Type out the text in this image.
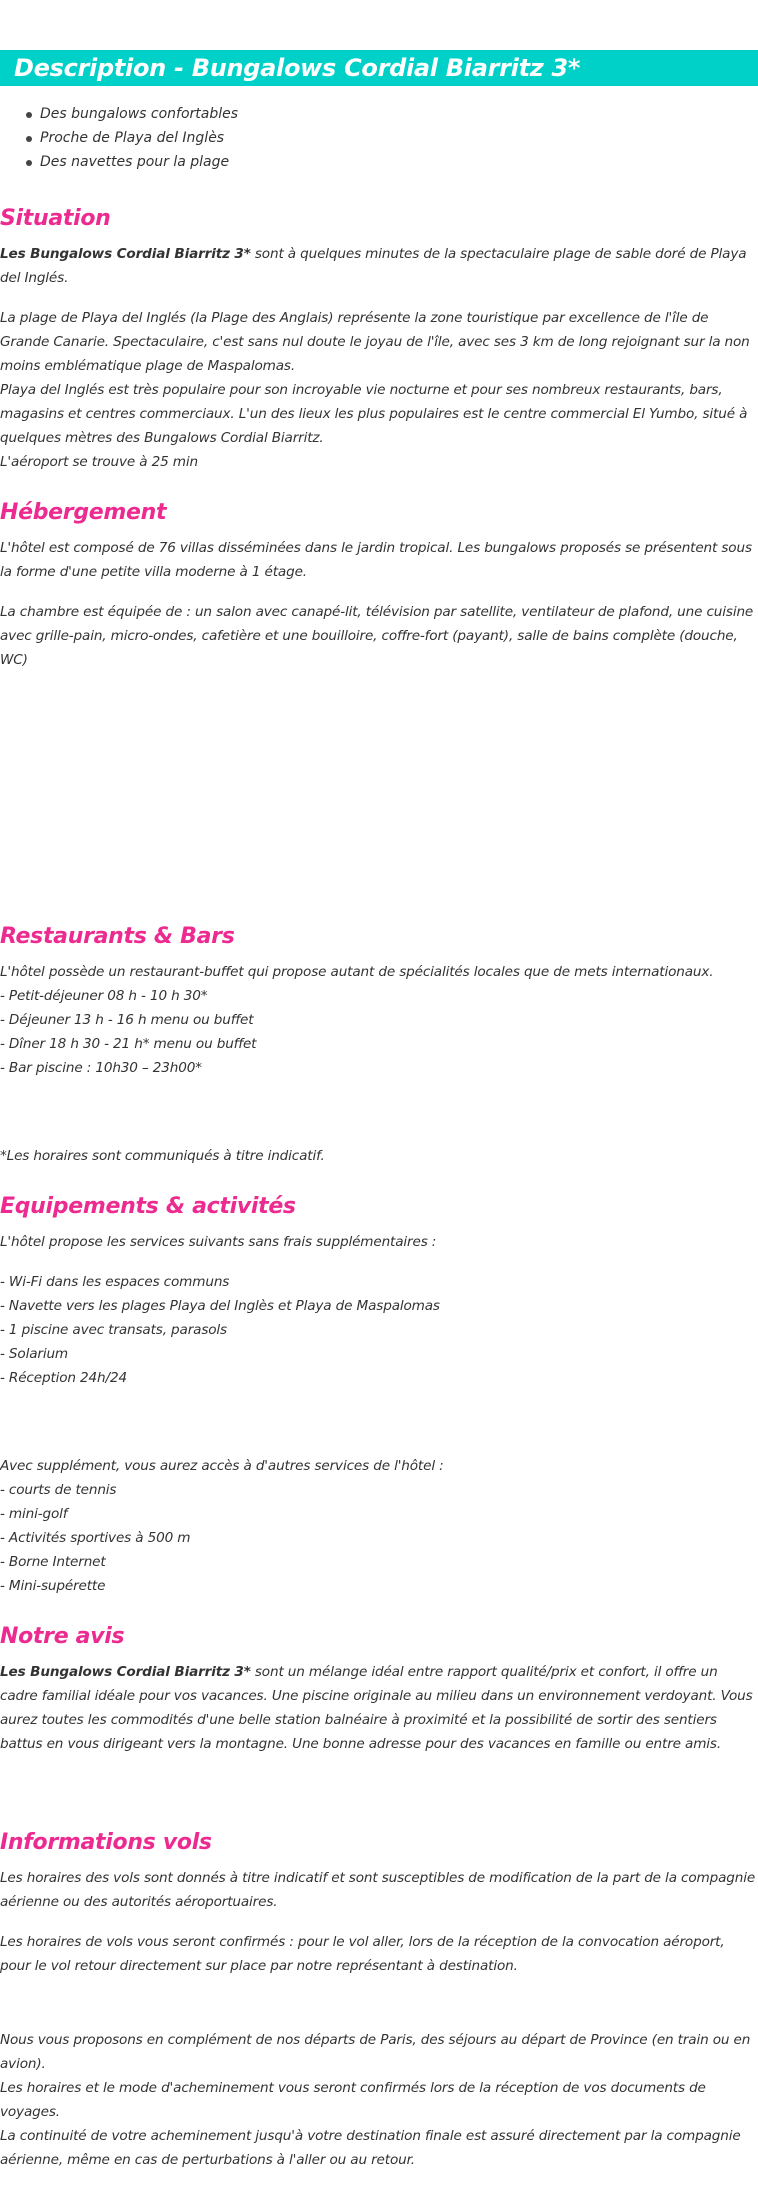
Description - Bungalows Cordial Biarritz 3*
Des bungalows confortables
Proche de Playa del Inglès
Des navettes pour la plage
Situation

Les Bungalows Cordial Biarritz 3* sont à quelques minutes de la spectaculaire plage de sable doré de Playa del Inglés.

La plage de Playa del Inglés (la Plage des Anglais) représente la zone touristique par excellence de l'île de Grande Canarie. Spectaculaire, c'est sans nul doute le joyau de l'île, avec ses 3 km de long rejoignant sur la non moins emblématique plage de Maspalomas.
Playa del Inglés est très populaire pour son incroyable vie nocturne et pour ses nombreux restaurants, bars, magasins et centres commerciaux. L'un des lieux les plus populaires est le centre commercial El Yumbo, situé à quelques mètres des Bungalows Cordial Biarritz.
L'aéroport se trouve à 25 min

Hébergement

L'hôtel est composé de 76 villas disséminées dans le jardin tropical. Les bungalows proposés se présentent sous la forme d'une petite villa moderne à 1 étage.

La chambre est équipée de : un salon avec canapé-lit, télévision par satellite, ventilateur de plafond, une cuisine avec grille-pain, micro-ondes, cafetière et une bouilloire, coffre-fort (payant), salle de bains complète (douche, WC)

Restaurants & Bars

L'hôtel possède un restaurant-buffet qui propose autant de spécialités locales que de mets internationaux.
- Petit-déjeuner 08 h - 10 h 30*
- Déjeuner 13 h - 16 h menu ou buffet
- Dîner 18 h 30 - 21 h* menu ou buffet
- Bar piscine : 10h30 – 23h00*

*Les horaires sont communiqués à titre indicatif.

Equipements & activités

L'hôtel propose les services suivants sans frais supplémentaires :

- Wi-Fi dans les espaces communs
- Navette vers les plages Playa del Inglès et Playa de Maspalomas
- 1 piscine avec transats, parasols
- Solarium
- Réception 24h/24

Avec supplément, vous aurez accès à d'autres services de l'hôtel :
- courts de tennis
- mini-golf
- Activités sportives à 500 m
- Borne Internet
- Mini-supérette

Notre avis

Les Bungalows Cordial Biarritz 3* sont un mélange idéal entre rapport qualité/prix et confort, il offre un cadre familial idéale pour vos vacances. Une piscine originale au milieu dans un environnement verdoyant. Vous aurez toutes les commodités d'une belle station balnéaire à proximité et la possibilité de sortir des sentiers battus en vous dirigeant vers la montagne. Une bonne adresse pour des vacances en famille ou entre amis.

Informations vols

Les horaires des vols sont donnés à titre indicatif et sont susceptibles de modification de la part de la compagnie aérienne ou des autorités aéroportuaires.

Les horaires de vols vous seront confirmés : pour le vol aller, lors de la réception de la convocation aéroport, pour le vol retour directement sur place par notre représentant à destination.

Nous vous proposons en complément de nos départs de Paris, des séjours au départ de Province (en train ou en avion).
Les horaires et le mode d'acheminement vous seront confirmés lors de la réception de vos documents de voyages.
La continuité de votre acheminement jusqu'à votre destination finale est assuré directement par la compagnie aérienne, même en cas de perturbations à l'aller ou au retour.
